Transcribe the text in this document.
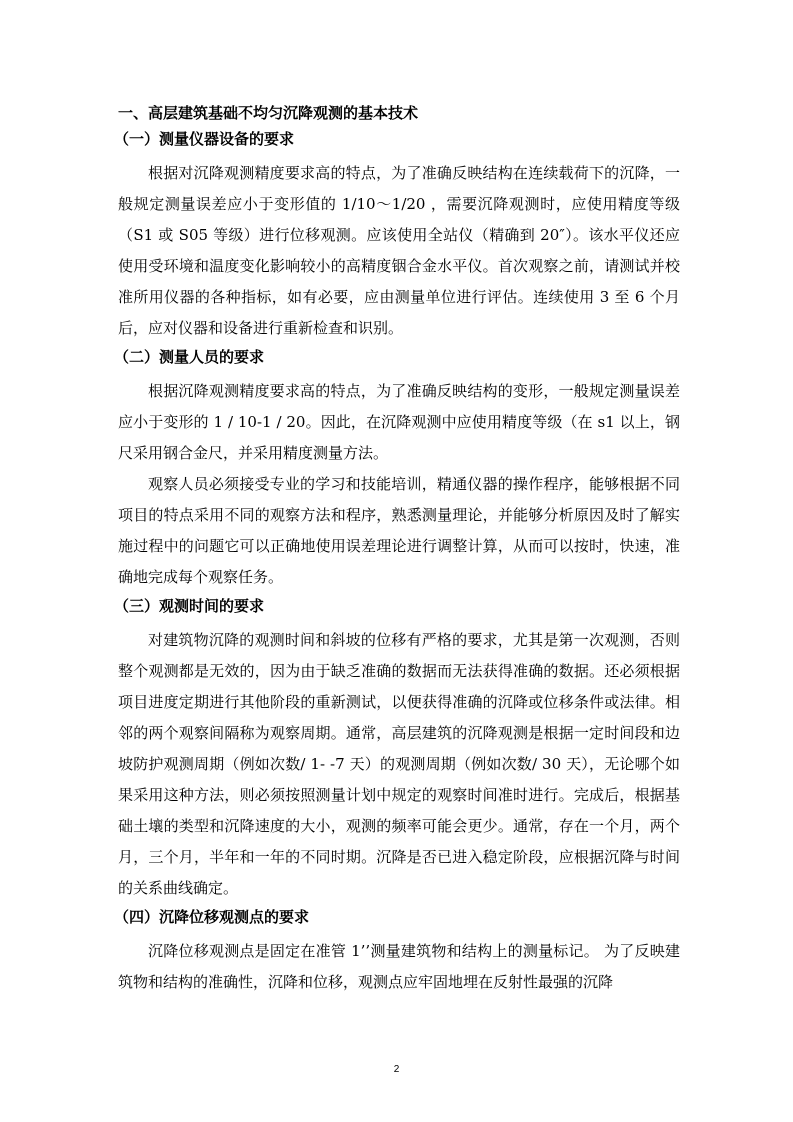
一、高层建筑基础不均匀沉降观测的基本技术
（一）测量仪器设备的要求

根据对沉降观测精度要求高的特点，为了准确反映结构在连续载荷下的沉降，一般规定测量误差应小于变形值的 1/10〜1/20 ，需要沉降观测时，应使用精度等级（S1 或 S05 等级）进行位移观测。应该使用全站仪（精确到 20″）。该水平仪还应使用受环境和温度变化影响较小的高精度铟合金水平仪。首次观察之前，请测试并校准所用仪器的各种指标，如有必要，应由测量单位进行评估。连续使用 3 至 6 个月后，应对仪器和设备进行重新检查和识别。

（二）测量人员的要求

根据沉降观测精度要求高的特点，为了准确反映结构的变形，一般规定测量误差应小于变形的 1 / 10-1 / 20。因此，在沉降观测中应使用精度等级（在 s1 以上，钢尺采用钢合金尺，并采用精度测量方法。

观察人员必须接受专业的学习和技能培训，精通仪器的操作程序，能够根据不同项目的特点采用不同的观察方法和程序，熟悉测量理论，并能够分析原因及时了解实施过程中的问题它可以正确地使用误差理论进行调整计算，从而可以按时，快速，准确地完成每个观察任务。

（三）观测时间的要求

对建筑物沉降的观测时间和斜坡的位移有严格的要求，尤其是第一次观测，否则整个观测都是无效的，因为由于缺乏准确的数据而无法获得准确的数据。还必须根据项目进度定期进行其他阶段的重新测试，以便获得准确的沉降或位移条件或法律。相邻的两个观察间隔称为观察周期。通常，高层建筑的沉降观测是根据一定时间段和边坡防护观测周期（例如次数/ 1- -7 天）的观测周期（例如次数/ 30 天），无论哪个如果采用这种方法，则必须按照测量计划中规定的观察时间准时进行。完成后，根据基础土壤的类型和沉降速度的大小，观测的频率可能会更少。通常，存在一个月，两个月，三个月，半年和一年的不同时期。沉降是否已进入稳定阶段，应根据沉降与时间的关系曲线确定。

（四）沉降位移观测点的要求

沉降位移观测点是固定在准管 1’’测量建筑物和结构上的测量标记。 为了反映建筑物和结构的准确性，沉降和位移，观测点应牢固地埋在反射性最强的沉降

2
